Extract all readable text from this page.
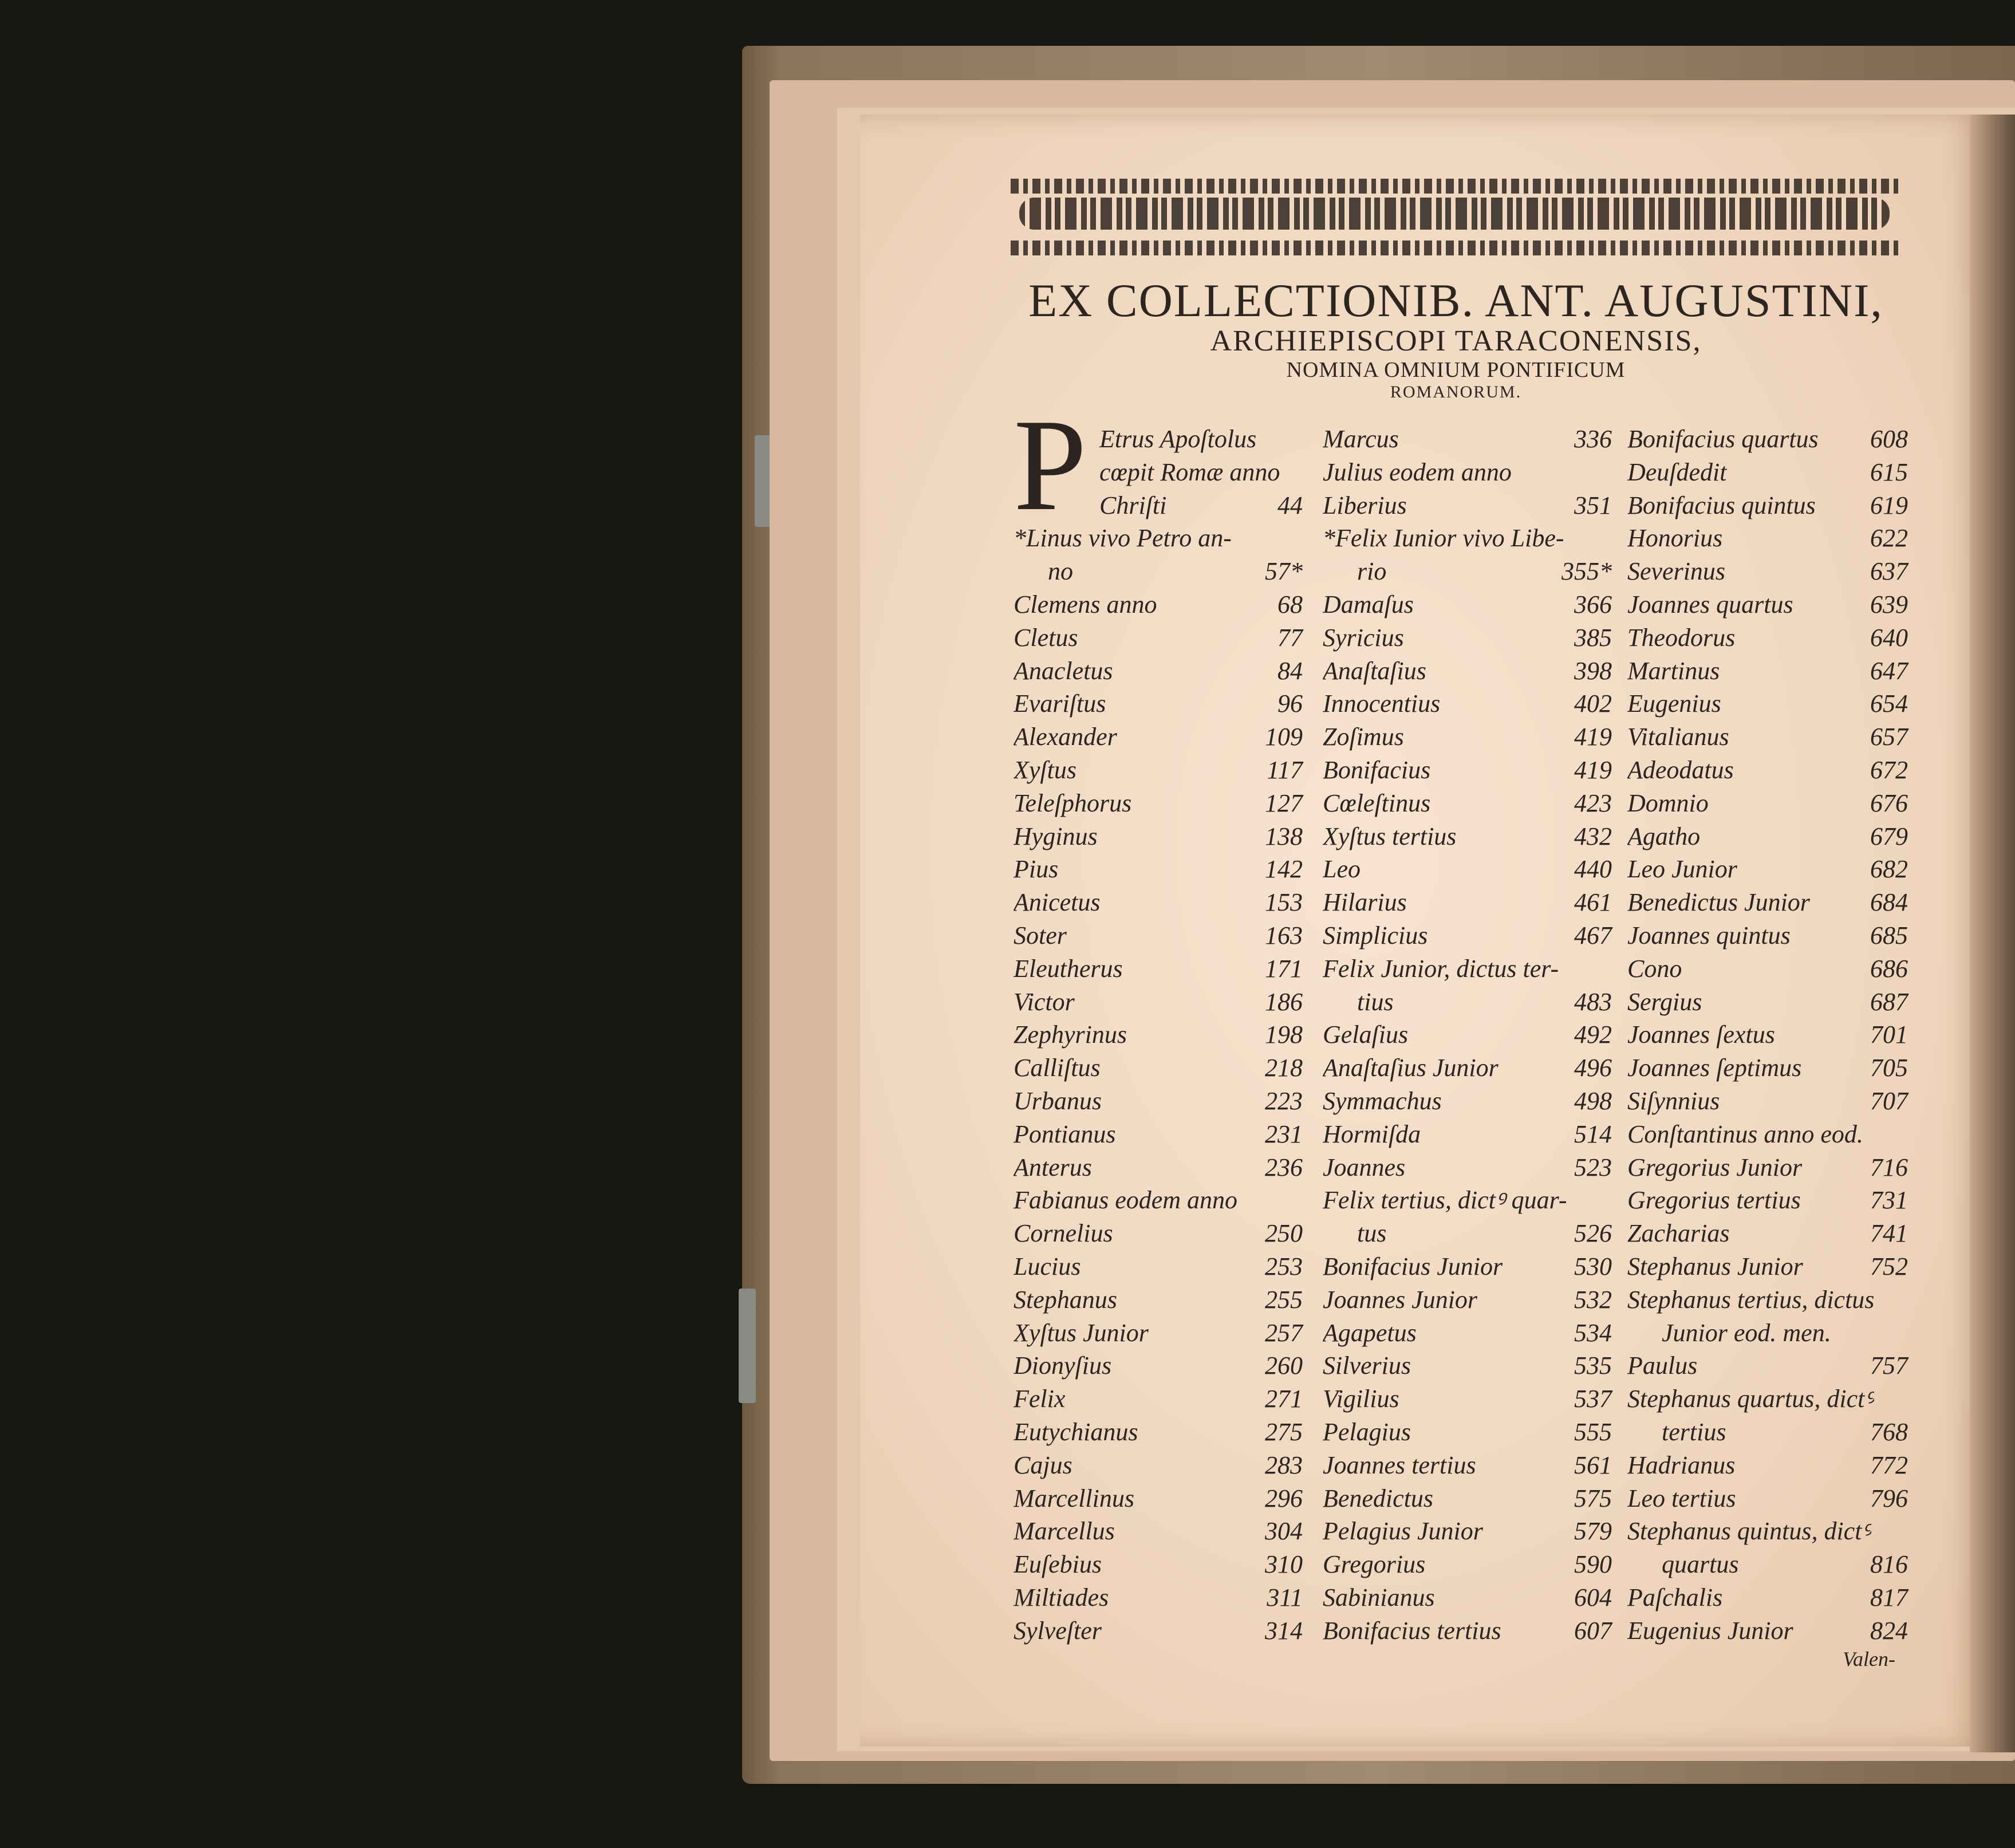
EX COLLECTIONIB. ANT. AUGUSTINI,
ARCHIEPISCOPI TARACONENSIS,
NOMINA OMNIUM PONTIFICUM
ROMANORUM.
P Etrus Apoſtolus
cœpit Romæ anno
Chriſti	44
*Linus vivo Petro an-
no	57*
Clemens anno	68
Cletus	77
Anacletus	84
Evariſtus	96
Alexander	109
Xyſtus	117
Teleſphorus	127
Hyginus	138
Pius	142
Anicetus	153
Soter	163
Eleutherus	171
Victor	186
Zephyrinus	198
Calliſtus	218
Urbanus	223
Pontianus	231
Anterus	236
Fabianus eodem anno
Cornelius	250
Lucius	253
Stephanus	255
Xyſtus Junior	257
Dionyſius	260
Felix	271
Eutychianus	275
Cajus	283
Marcellinus	296
Marcellus	304
Euſebius	310
Miltiades	311
Sylveſter	314
Marcus	336
Julius eodem anno
Liberius	351
*Felix Iunior vivo Libe-
rio	355*
Damaſus	366
Syricius	385
Anaſtaſius	398
Innocentius	402
Zoſimus	419
Bonifacius	419
Cœleſtinus	423
Xyſtus tertius	432
Leo	440
Hilarius	461
Simplicius	467
Felix Junior, dictus ter-
tius	483
Gelaſius	492
Anaſtaſius Junior	496
Symmachus	498
Hormiſda	514
Joannes	523
Felix tertius, dictꝰ quar-
tus	526
Bonifacius Junior	530
Joannes Junior	532
Agapetus	534
Silverius	535
Vigilius	537
Pelagius	555
Joannes tertius	561
Benedictus	575
Pelagius Junior	579
Gregorius	590
Sabinianus	604
Bonifacius tertius	607
Bonifacius quartus 608
Deuſdedit	615
Bonifacius quintus 619
Honorius	622
Severinus	637
Joannes quartus	639
Theodorus	640
Martinus	647
Eugenius	654
Vitalianus	657
Adeodatus	672
Domnio	676
Agatho	679
Leo Junior	682
Benedictus Junior 684
Joannes quintus	685
Cono	686
Sergius	687
Joannes ſextus	701
Joannes ſeptimus	705
Siſynnius	707
Conſtantinus anno eod.
Gregorius Junior	716
Gregorius tertius	731
Zacharias	741
Stephanus Junior	752
Stephanus tertius, dictus
Junior eod. men.
Paulus	757
Stephanus quartus, dictꝰ
tertius	768
Hadrianus	772
Leo tertius	796
Stephanus quintus, dictꝰ
quartus	816
Paſchalis	817
Eugenius Junior	824
Valen-
